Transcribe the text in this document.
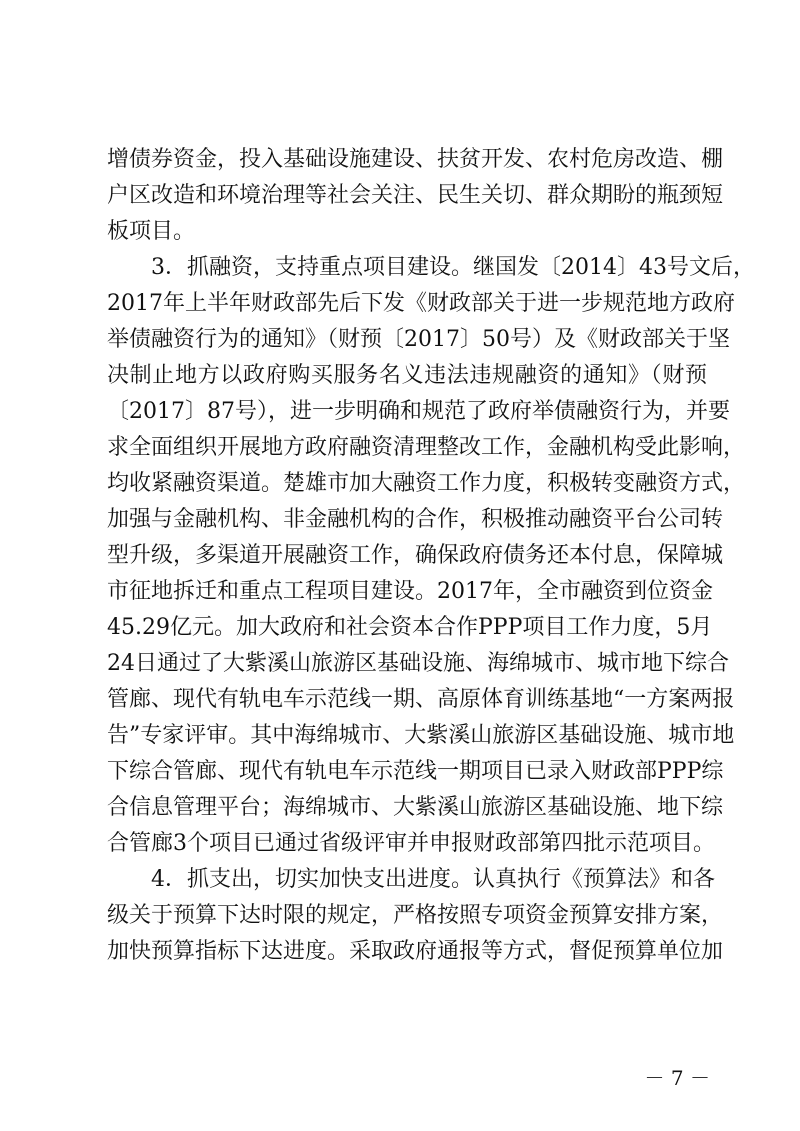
增债券资金，投入基础设施建设、扶贫开发、农村危房改造、棚
户区改造和环境治理等社会关注、民生关切、群众期盼的瓶颈短
板项目。
3．抓融资，支持重点项目建设。继国发〔2014〕43号文后，
2017年上半年财政部先后下发《财政部关于进一步规范地方政府
举债融资行为的通知》（财预〔2017〕50号）及《财政部关于坚
决制止地方以政府购买服务名义违法违规融资的通知》（财预
〔2017〕87号），进一步明确和规范了政府举债融资行为，并要
求全面组织开展地方政府融资清理整改工作，金融机构受此影响，
均收紧融资渠道。楚雄市加大融资工作力度，积极转变融资方式，
加强与金融机构、非金融机构的合作，积极推动融资平台公司转
型升级，多渠道开展融资工作，确保政府债务还本付息，保障城
市征地拆迁和重点工程项目建设。2017年，全市融资到位资金
45.29亿元。加大政府和社会资本合作PPP项目工作力度，5月
24日通过了大紫溪山旅游区基础设施、海绵城市、城市地下综合
管廊、现代有轨电车示范线一期、高原体育训练基地“一方案两报
告”专家评审。其中海绵城市、大紫溪山旅游区基础设施、城市地
下综合管廊、现代有轨电车示范线一期项目已录入财政部PPP综
合信息管理平台；海绵城市、大紫溪山旅游区基础设施、地下综
合管廊3个项目已通过省级评审并申报财政部第四批示范项目。
4．抓支出，切实加快支出进度。认真执行《预算法》和各
级关于预算下达时限的规定，严格按照专项资金预算安排方案，
加快预算指标下达进度。采取政府通报等方式，督促预算单位加
－ 7 －
